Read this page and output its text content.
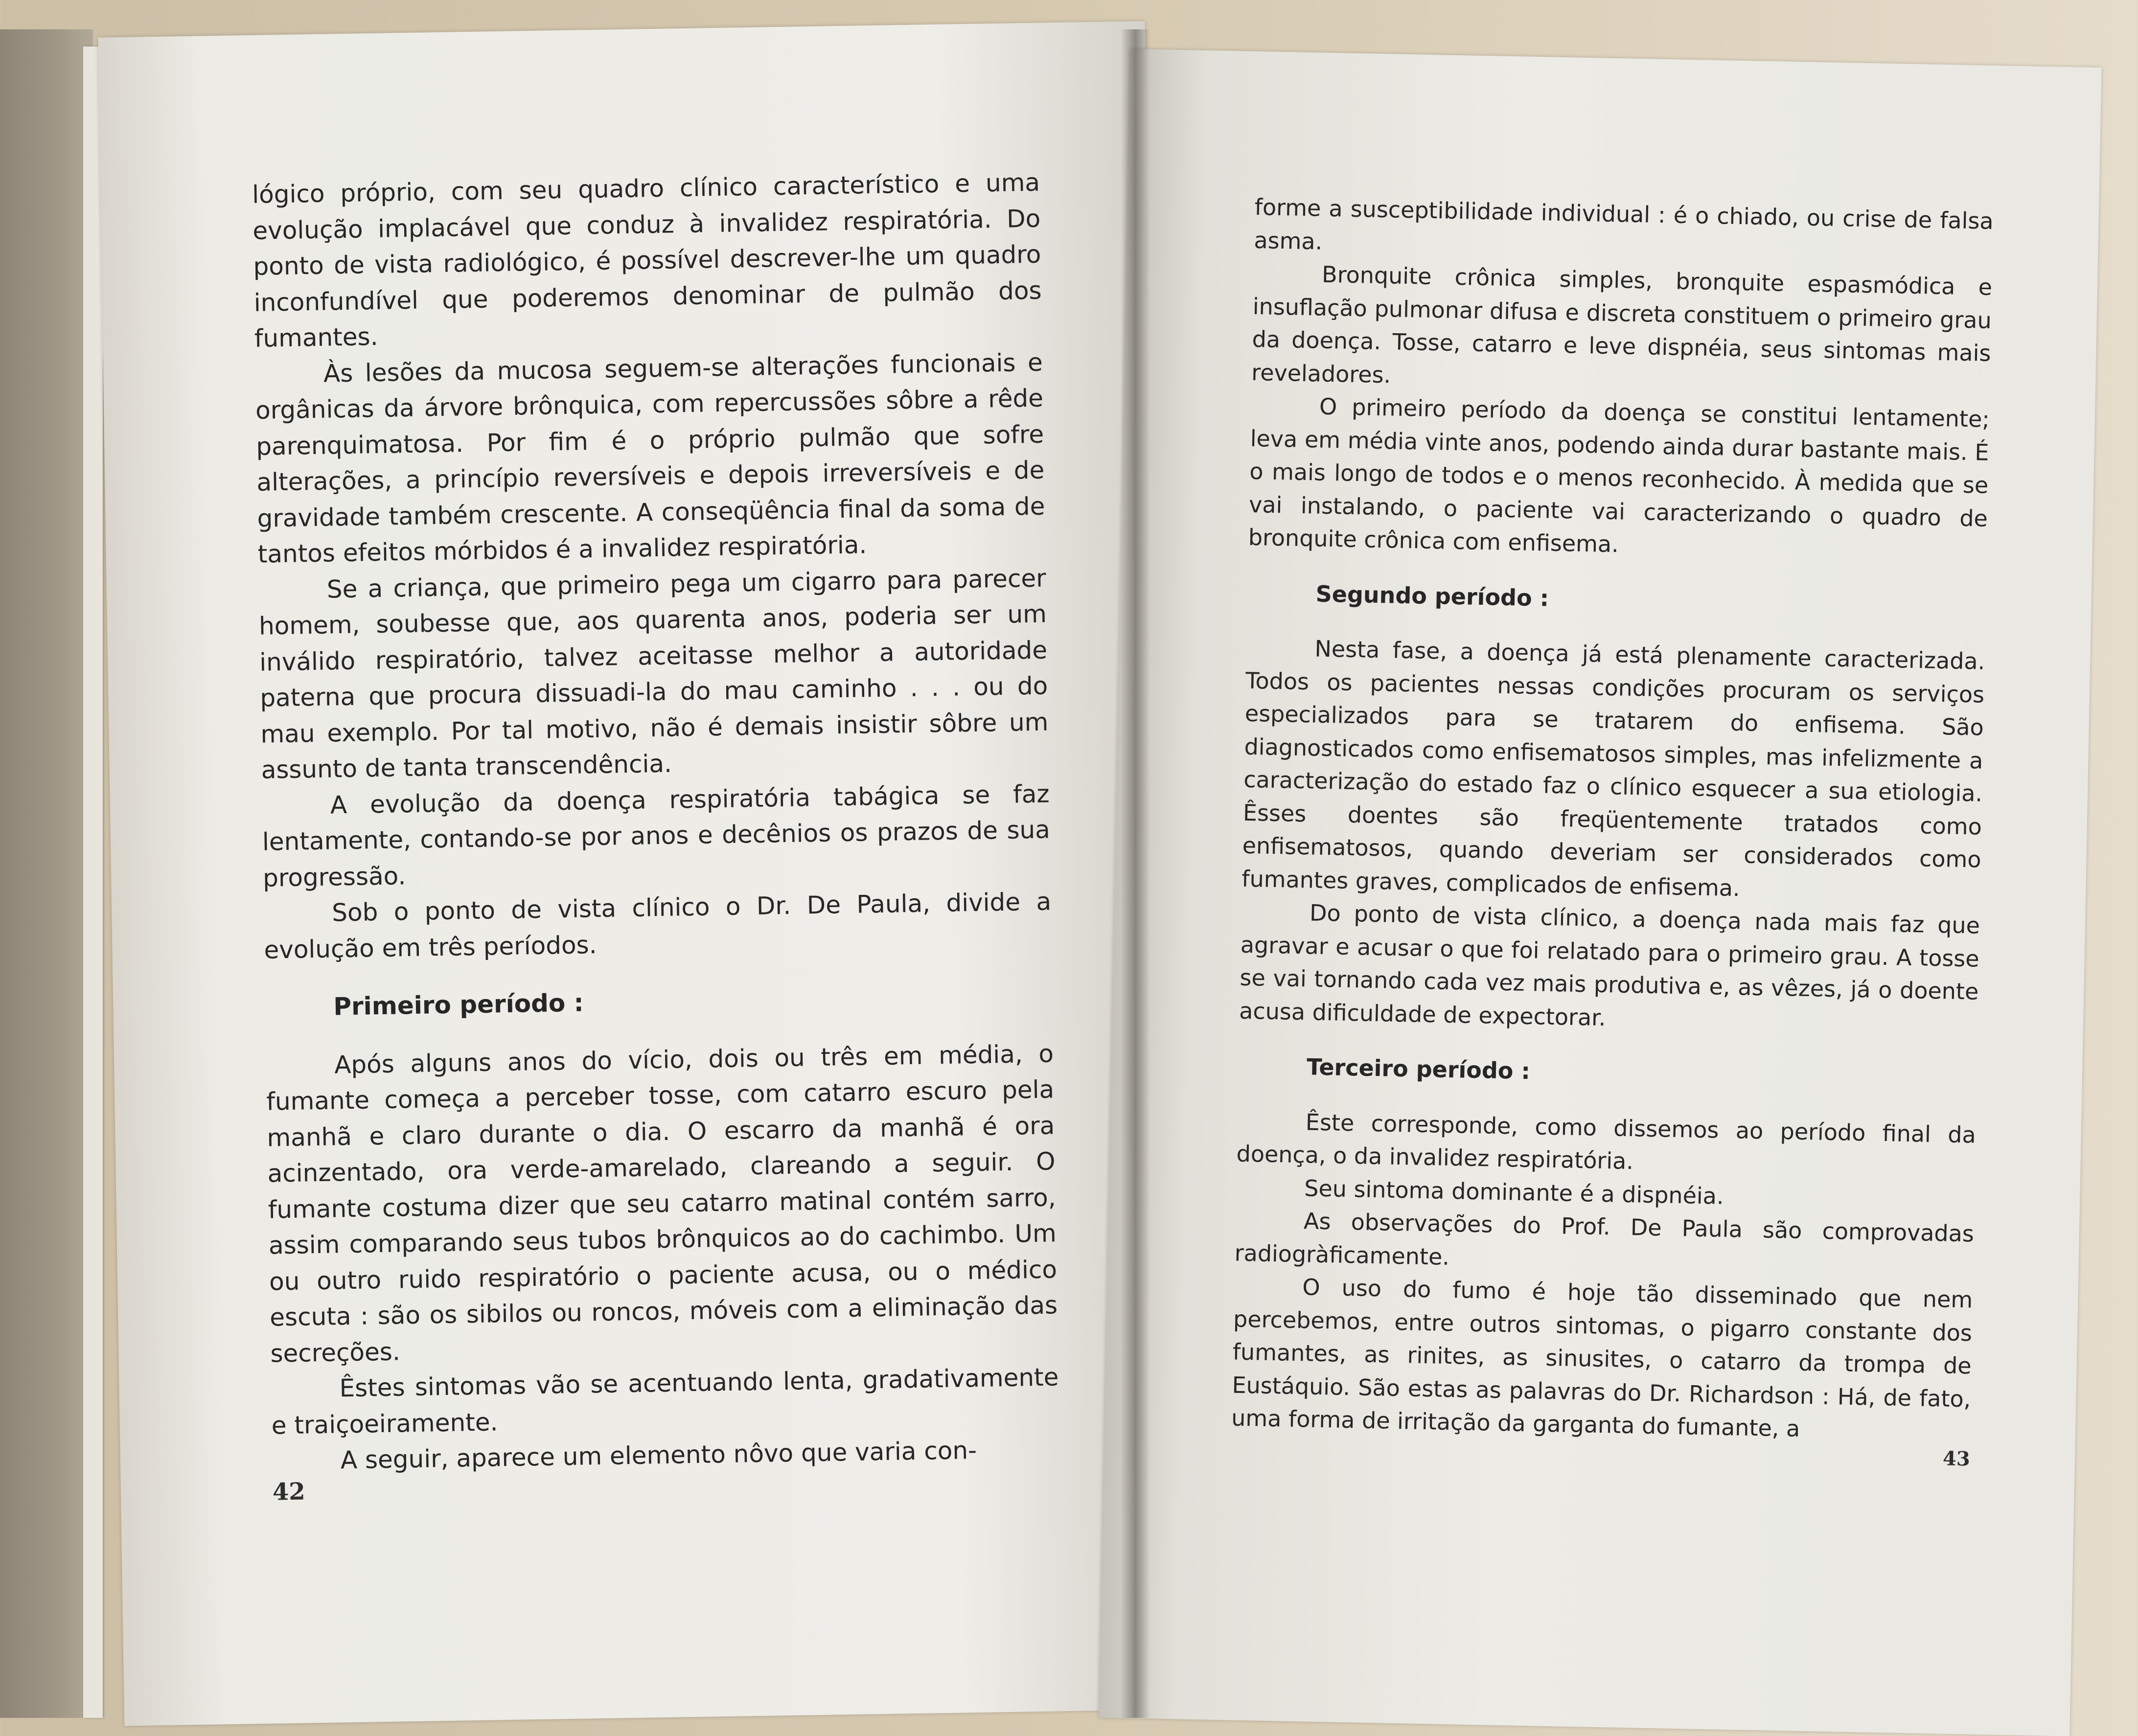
lógico próprio, com seu quadro clínico característico e uma evolução implacável que conduz à invalidez respiratória. Do ponto de vista radiológico, é possível descrever-lhe um quadro inconfundível que poderemos denominar de pulmão dos fumantes.

Às lesões da mucosa seguem-se alterações funcionais e orgânicas da árvore brônquica, com repercussões sôbre a rêde parenquimatosa. Por fim é o próprio pulmão que sofre alterações, a princípio reversíveis e depois irreversíveis e de gravidade também crescente. A conseqüência final da soma de tantos efeitos mórbidos é a invalidez respiratória.

Se a criança, que primeiro pega um cigarro para parecer homem, soubesse que, aos quarenta anos, poderia ser um inválido respiratório, talvez aceitasse melhor a autoridade paterna que procura dissuadi-la do mau caminho . . . ou do mau exemplo. Por tal motivo, não é demais insistir sôbre um assunto de tanta transcendência.

A evolução da doença respiratória tabágica se faz lentamente, contando-se por anos e decênios os prazos de sua progressão.

Sob o ponto de vista clínico o Dr. De Paula, divide a evolução em três períodos.

Primeiro período :

Após alguns anos do vício, dois ou três em média, o fumante começa a perceber tosse, com catarro escuro pela manhã e claro durante o dia. O escarro da manhã é ora acinzentado, ora verde-amarelado, clareando a seguir. O fumante costuma dizer que seu catarro matinal contém sarro, assim comparando seus tubos brônquicos ao do cachimbo. Um ou outro ruido respiratório o paciente acusa, ou o médico escuta : são os sibilos ou roncos, móveis com a eliminação das secreções.

Êstes sintomas vão se acentuando lenta, gradativamente e traiçoeiramente.

A seguir, aparece um elemento nôvo que varia con-

42

forme a susceptibilidade individual : é o chiado, ou crise de falsa asma.

Bronquite crônica simples, bronquite espasmódica e insuflação pulmonar difusa e discreta constituem o primeiro grau da doença. Tosse, catarro e leve dispnéia, seus sintomas mais reveladores.

O primeiro período da doença se constitui lentamente; leva em média vinte anos, podendo ainda durar bastante mais. É o mais longo de todos e o menos reconhecido. À medida que se vai instalando, o paciente vai caracterizando o quadro de bronquite crônica com enfisema.

Segundo período :

Nesta fase, a doença já está plenamente caracterizada. Todos os pacientes nessas condições procuram os serviços especializados para se tratarem do enfisema. São diagnosticados como enfisematosos simples, mas infelizmente a caracterização do estado faz o clínico esquecer a sua etiologia. Êsses doentes são freqüentemente tratados como enfisematosos, quando deveriam ser considerados como fumantes graves, complicados de enfisema.

Do ponto de vista clínico, a doença nada mais faz que agravar e acusar o que foi relatado para o primeiro grau. A tosse se vai tornando cada vez mais produtiva e, as vêzes, já o doente acusa dificuldade de expectorar.

Terceiro período :

Êste corresponde, como dissemos ao período final da doença, o da invalidez respiratória.

Seu sintoma dominante é a dispnéia.

As observações do Prof. De Paula são comprovadas radiogràficamente.

O uso do fumo é hoje tão disseminado que nem percebemos, entre outros sintomas, o pigarro constante dos fumantes, as rinites, as sinusites, o catarro da trompa de Eustáquio. São estas as palavras do Dr. Richardson : Há, de fato, uma forma de irritação da garganta do fumante, a

43
